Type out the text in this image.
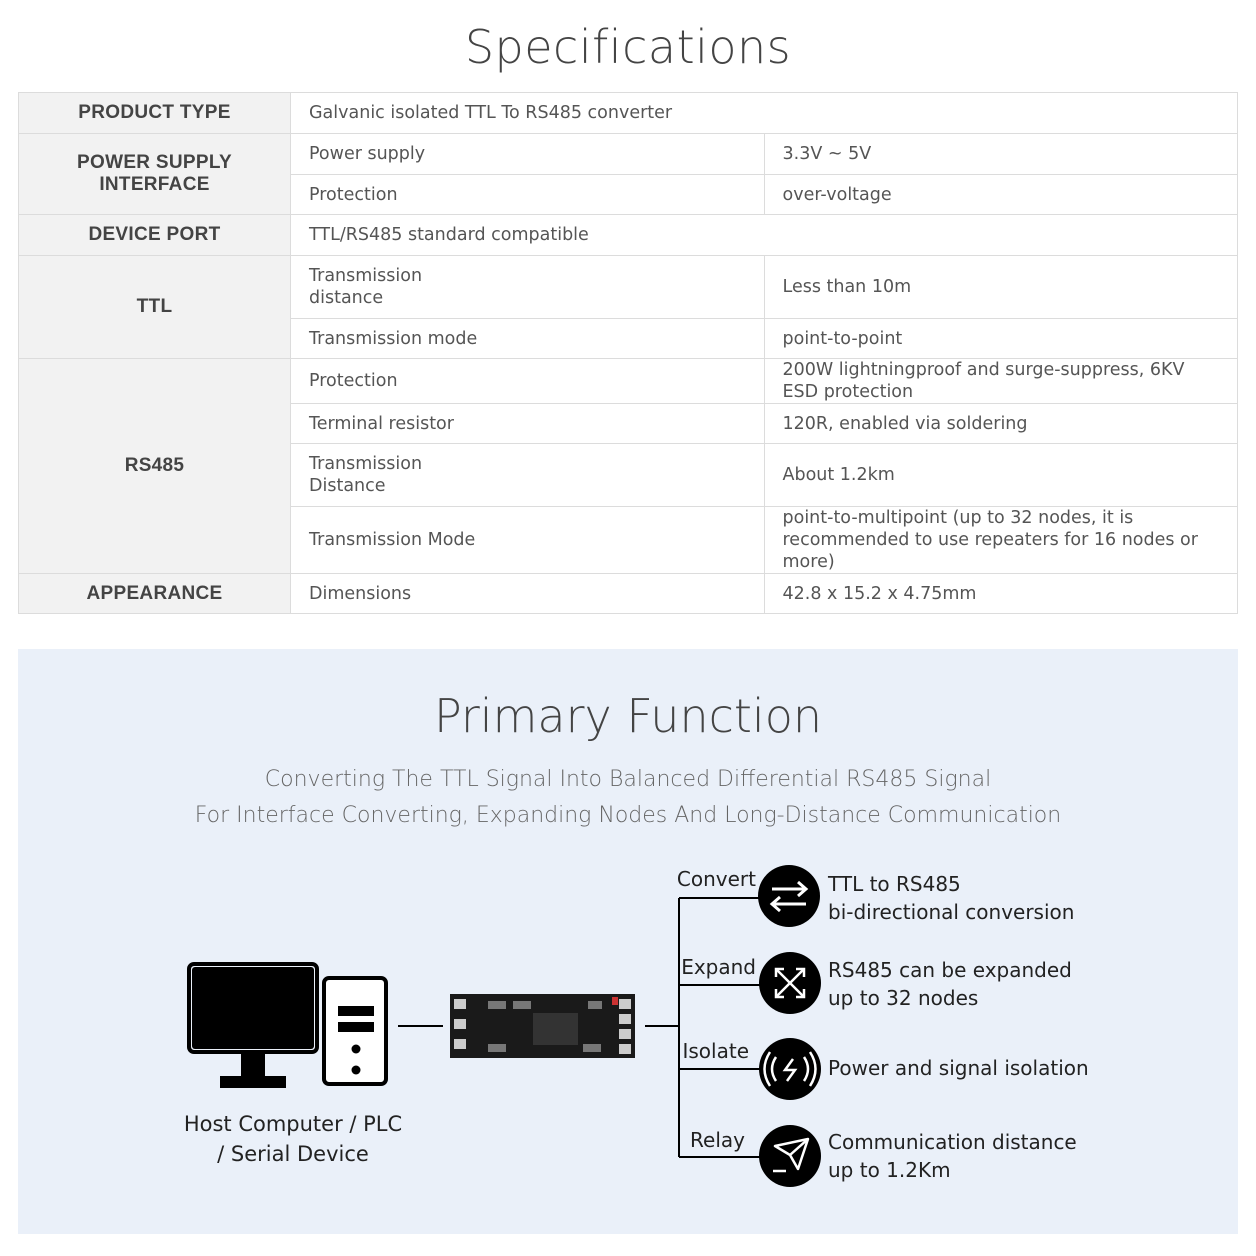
Specifications
PRODUCT TYPE	Galvanic isolated TTL To RS485 converter	
POWER SUPPLY INTERFACE	Power supply	3.3V ~ 5V
	Protection	over-voltage
DEVICE PORT	TTL/RS485 standard compatible	
TTL	Transmission distance	Less than 10m
	Transmission mode	point-to-point
RS485	Protection	200W lightningproof and surge-suppress, 6KV ESD protection
	Terminal resistor	120R, enabled via soldering
	Transmission Distance	About 1.2km
	Transmission Mode	point-to-multipoint (up to 32 nodes, it is recommended to use repeaters for 16 nodes or more)
APPEARANCE	Dimensions	42.8 x 15.2 x 4.75mm
Primary Function
Converting The TTL Signal Into Balanced Differential RS485 Signal
For Interface Converting, Expanding Nodes And Long-Distance Communication
Host Computer / PLC
/ Serial Device
Convert
Expand
Isolate
Relay
TTL to RS485
bi-directional conversion
RS485 can be expanded
up to 32 nodes
Power and signal isolation
Communication distance
up to 1.2Km
